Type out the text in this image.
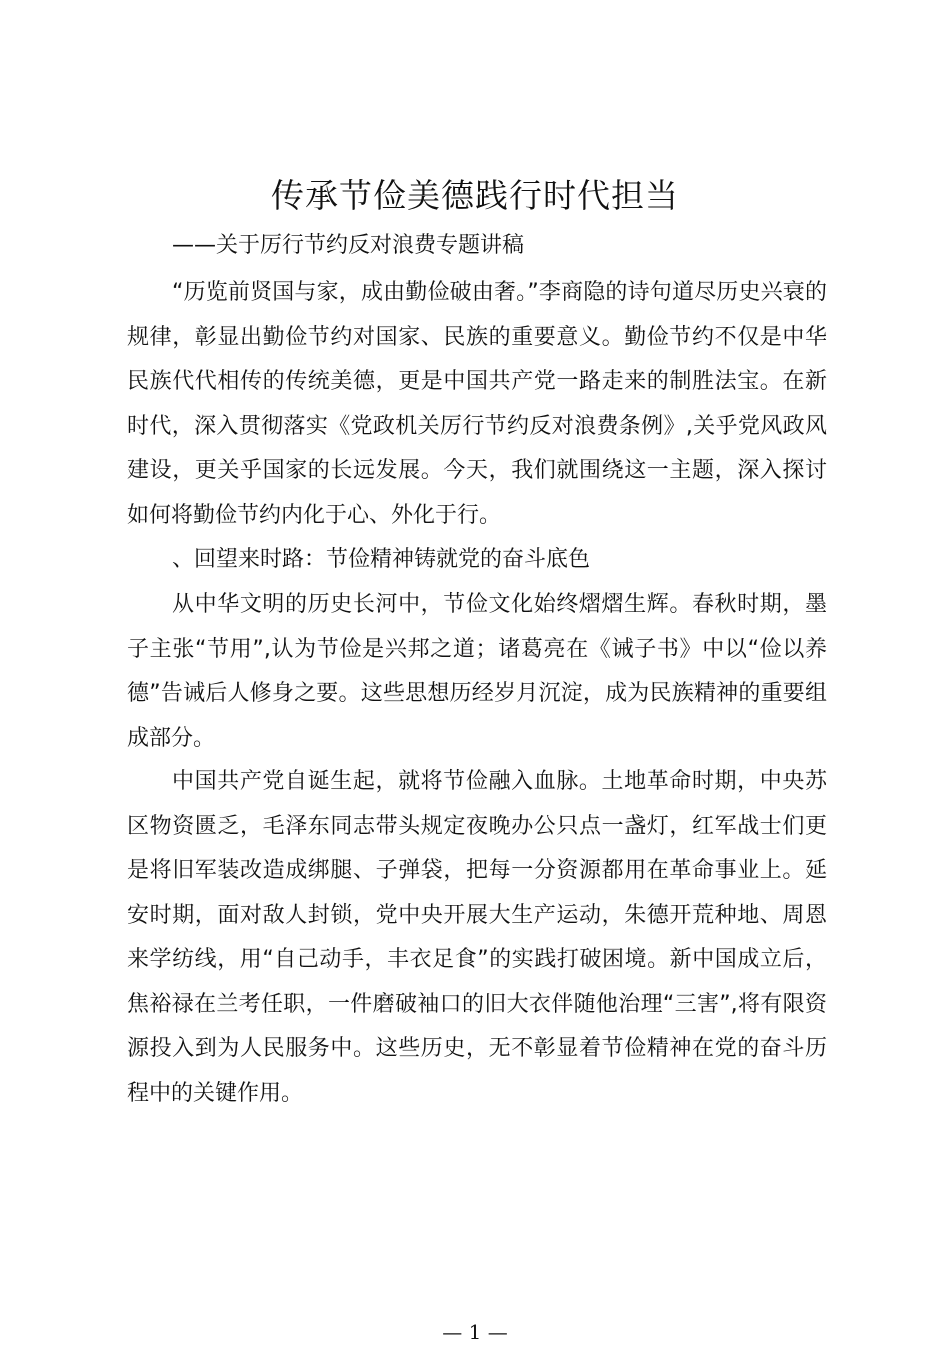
传承节俭美德践行时代担当

——关于厉行节约反对浪费专题讲稿

“历览前贤国与家，成由勤俭破由奢。”李商隐的诗句道尽历史兴衰的规律，彰显出勤俭节约对国家、民族的重要意义。勤俭节约不仅是中华民族代代相传的传统美德，更是中国共产党一路走来的制胜法宝。在新时代，深入贯彻落实《党政机关厉行节约反对浪费条例》,关乎党风政风建设，更关乎国家的长远发展。今天，我们就围绕这一主题，深入探讨如何将勤俭节约内化于心、外化于行。

、回望来时路：节俭精神铸就党的奋斗底色

从中华文明的历史长河中，节俭文化始终熠熠生辉。春秋时期，墨子主张“节用”,认为节俭是兴邦之道；诸葛亮在《诫子书》中以“俭以养德”告诫后人修身之要。这些思想历经岁月沉淀，成为民族精神的重要组成部分。

中国共产党自诞生起，就将节俭融入血脉。土地革命时期，中央苏区物资匮乏，毛泽东同志带头规定夜晚办公只点一盏灯，红军战士们更是将旧军装改造成绑腿、子弹袋，把每一分资源都用在革命事业上。延安时期，面对敌人封锁，党中央开展大生产运动，朱德开荒种地、周恩来学纺线，用“自己动手，丰衣足食”的实践打破困境。新中国成立后，焦裕禄在兰考任职，一件磨破袖口的旧大衣伴随他治理“三害”,将有限资源投入到为人民服务中。这些历史，无不彰显着节俭精神在党的奋斗历程中的关键作用。

— 1 —
